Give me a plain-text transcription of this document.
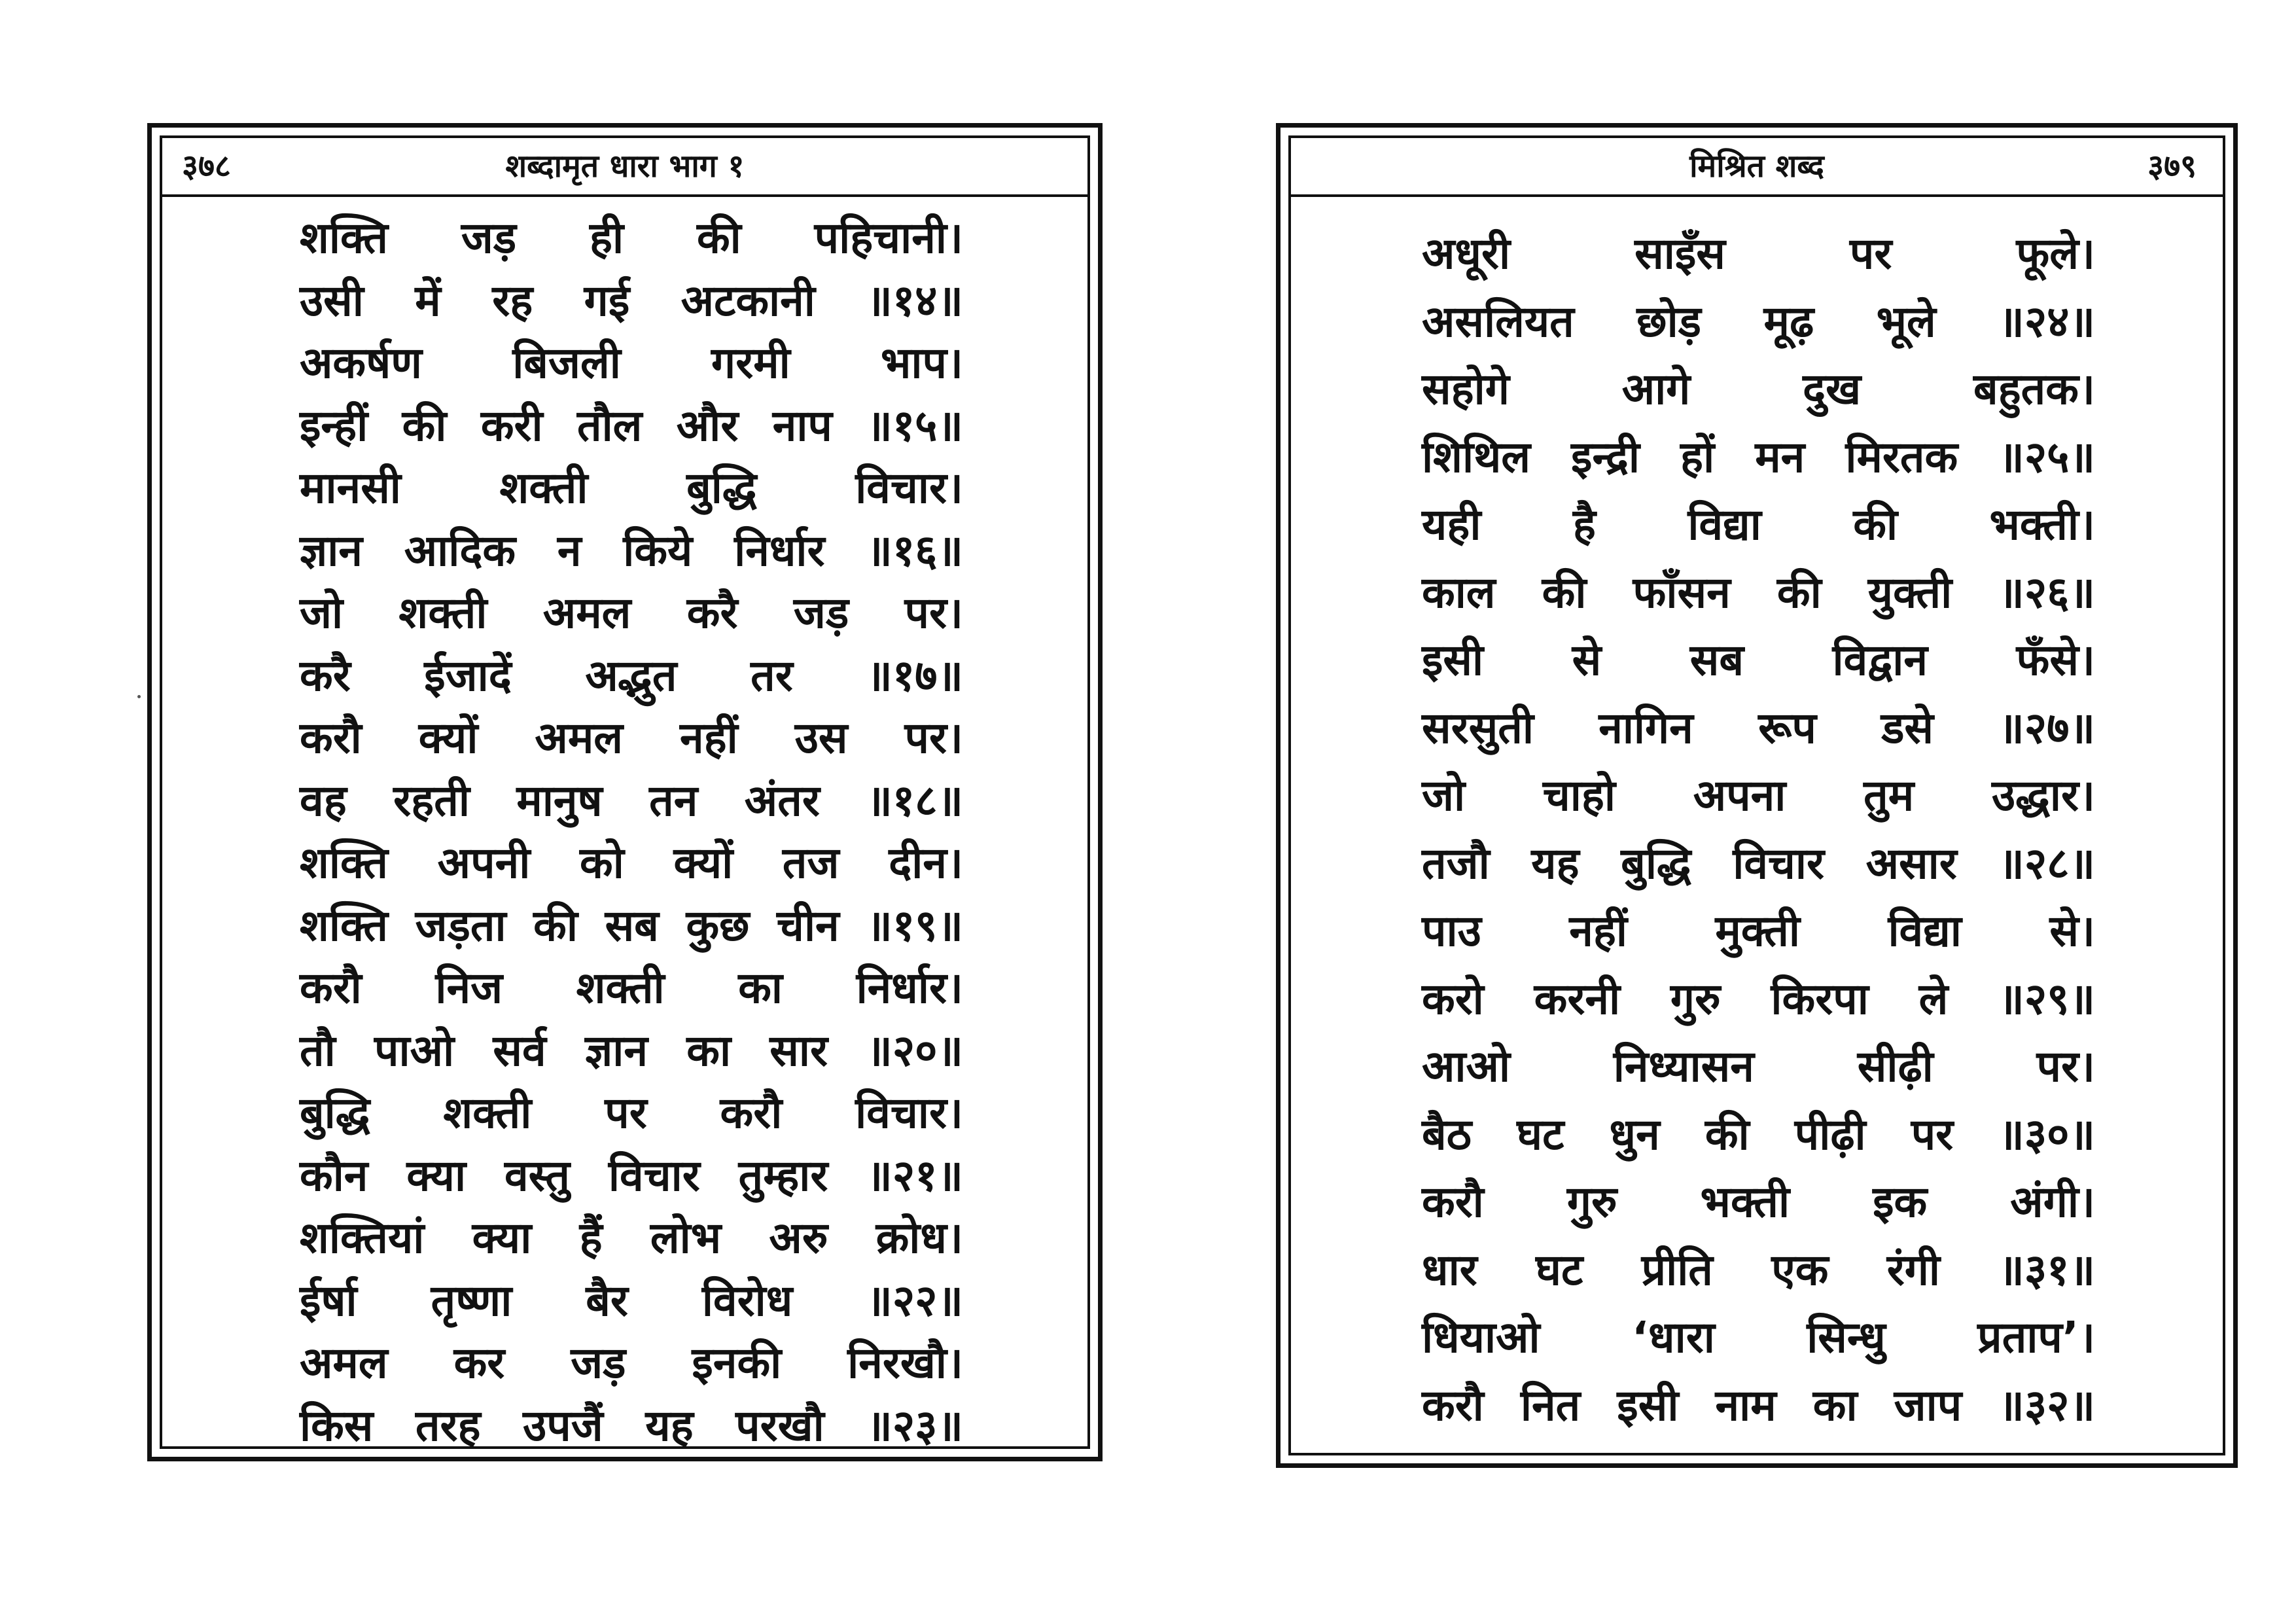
३७८	शब्दामृत धारा भाग १
शक्ति जड़ ही की पहिचानी।
उसी में रह गई अटकानी ॥१४॥
अकर्षण बिजली गरमी भाप।
इन्हीं की करी तौल और नाप ॥१५॥
मानसी शक्ती बुद्धि विचार।
ज्ञान आदिक न किये निर्धार ॥१६॥
जो शक्ती अमल करै जड़ पर।
करै ईजादें अद्भुत तर ॥१७॥
करौ क्यों अमल नहीं उस पर।
वह रहती मानुष तन अंतर ॥१८॥
शक्ति अपनी को क्यों तज दीन।
शक्ति जड़ता की सब कुछ चीन ॥१९॥
करौ निज शक्ती का निर्धार।
तौ पाओ सर्व ज्ञान का सार ॥२०॥
बुद्धि शक्ती पर करौ विचार।
कौन क्या वस्तु विचार तुम्हार ॥२१॥
शक्तियां क्या हैं लोभ अरु क्रोध।
ईर्षा तृष्णा बैर विरोध ॥२२॥
अमल कर जड़ इनकी निरखौ।
किस तरह उपजैं यह परखौ ॥२३॥
मिश्रित शब्द	३७९
अधूरी साइँस पर फूले।
असलियत छोड़ मूढ़ भूले ॥२४॥
सहोगे आगे दुख बहुतक।
शिथिल इन्द्री हों मन मिरतक ॥२५॥
यही है विद्या की भक्ती।
काल की फाँसन की युक्ती ॥२६॥
इसी से सब विद्वान फँसे।
सरसुती नागिन रूप डसे ॥२७॥
जो चाहो अपना तुम उद्धार।
तजौ यह बुद्धि विचार असार ॥२८॥
पाउ नहीं मुक्ती विद्या से।
करो करनी गुरु किरपा ले ॥२९॥
आओ निध्यासन सीढ़ी पर।
बैठ घट धुन की पीढ़ी पर ॥३०॥
करौ गुरु भक्ती इक अंगी।
धार घट प्रीति एक रंगी ॥३१॥
धियाओ ‘धारा सिन्धु प्रताप’।
करौ नित इसी नाम का जाप ॥३२॥
